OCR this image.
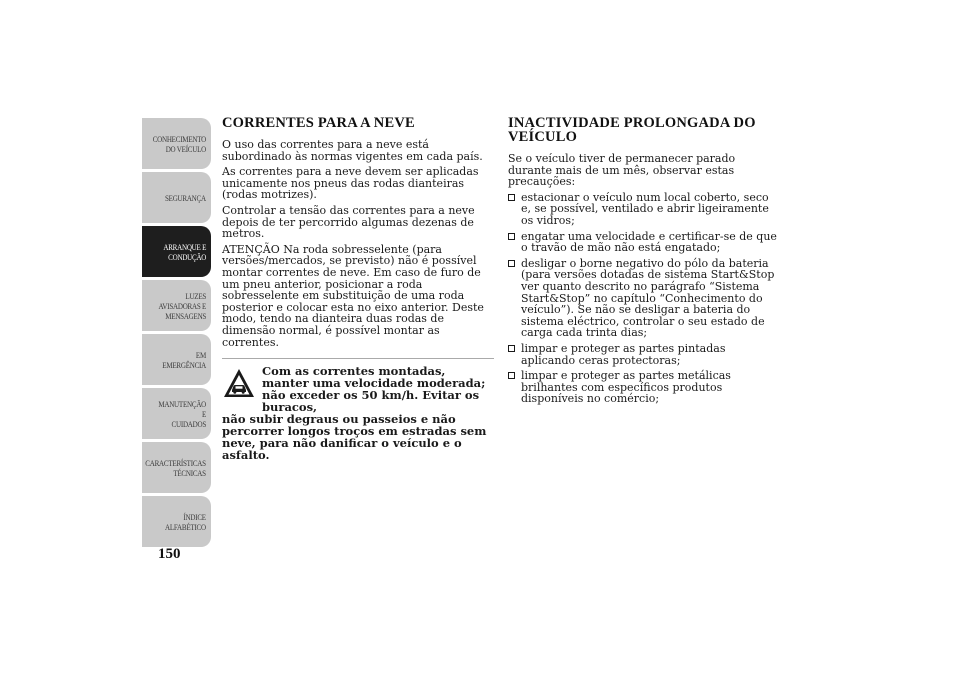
CONHECIMENTO
DO VEÍCULO
SEGURANÇA
ARRANQUE E
CONDUÇÃO
LUZES
AVISADORAS E
MENSAGENS
EM EMERGÊNCIA
MANUTENÇÃO E
CUIDADOS
CARACTERÍSTICAS
TÉCNICAS
ÍNDICE
ALFABÉTICO
150
CORRENTES PARA A NEVE

O uso das correntes para a neve está subordinado às normas vigentes em cada país.

As correntes para a neve devem ser aplicadas unicamente nos pneus das rodas dianteiras (rodas motrizes).

Controlar a tensão das correntes para a neve depois de ter percorrido algumas dezenas de metros.

ATENÇÃO Na roda sobresselente (para versões/mercados, se previsto) não é possível montar correntes de neve. Em caso de furo de um pneu anterior, posicionar a roda sobresselente em substituição de uma roda posterior e colocar esta no eixo anterior. Deste modo, tendo na dianteira duas rodas de dimensão normal, é possível montar as correntes.

Com as correntes montadas, manter uma velocidade moderada; não exceder os 50 km/h. Evitar os buracos,

não subir degraus ou passeios e não percorrer longos troços em estradas sem neve, para não danificar o veículo e o asfalto.

INACTIVIDADE PROLONGADA DO VEÍCULO

Se o veículo tiver de permanecer parado durante mais de um mês, observar estas precauções:

estacionar o veículo num local coberto, seco e, se possível, ventilado e abrir ligeiramente os vidros;
engatar uma velocidade e certificar-se de que o travão de mão não está engatado;
desligar o borne negativo do pólo da bateria (para versões dotadas de sistema Start&Stop ver quanto descrito no parágrafo “Sistema Start&Stop” no capítulo “Conhecimento do veículo”). Se não se desligar a bateria do sistema eléctrico, controlar o seu estado de carga cada trinta dias;
limpar e proteger as partes pintadas aplicando ceras protectoras;
limpar e proteger as partes metálicas brilhantes com específicos produtos disponíveis no comércio;
